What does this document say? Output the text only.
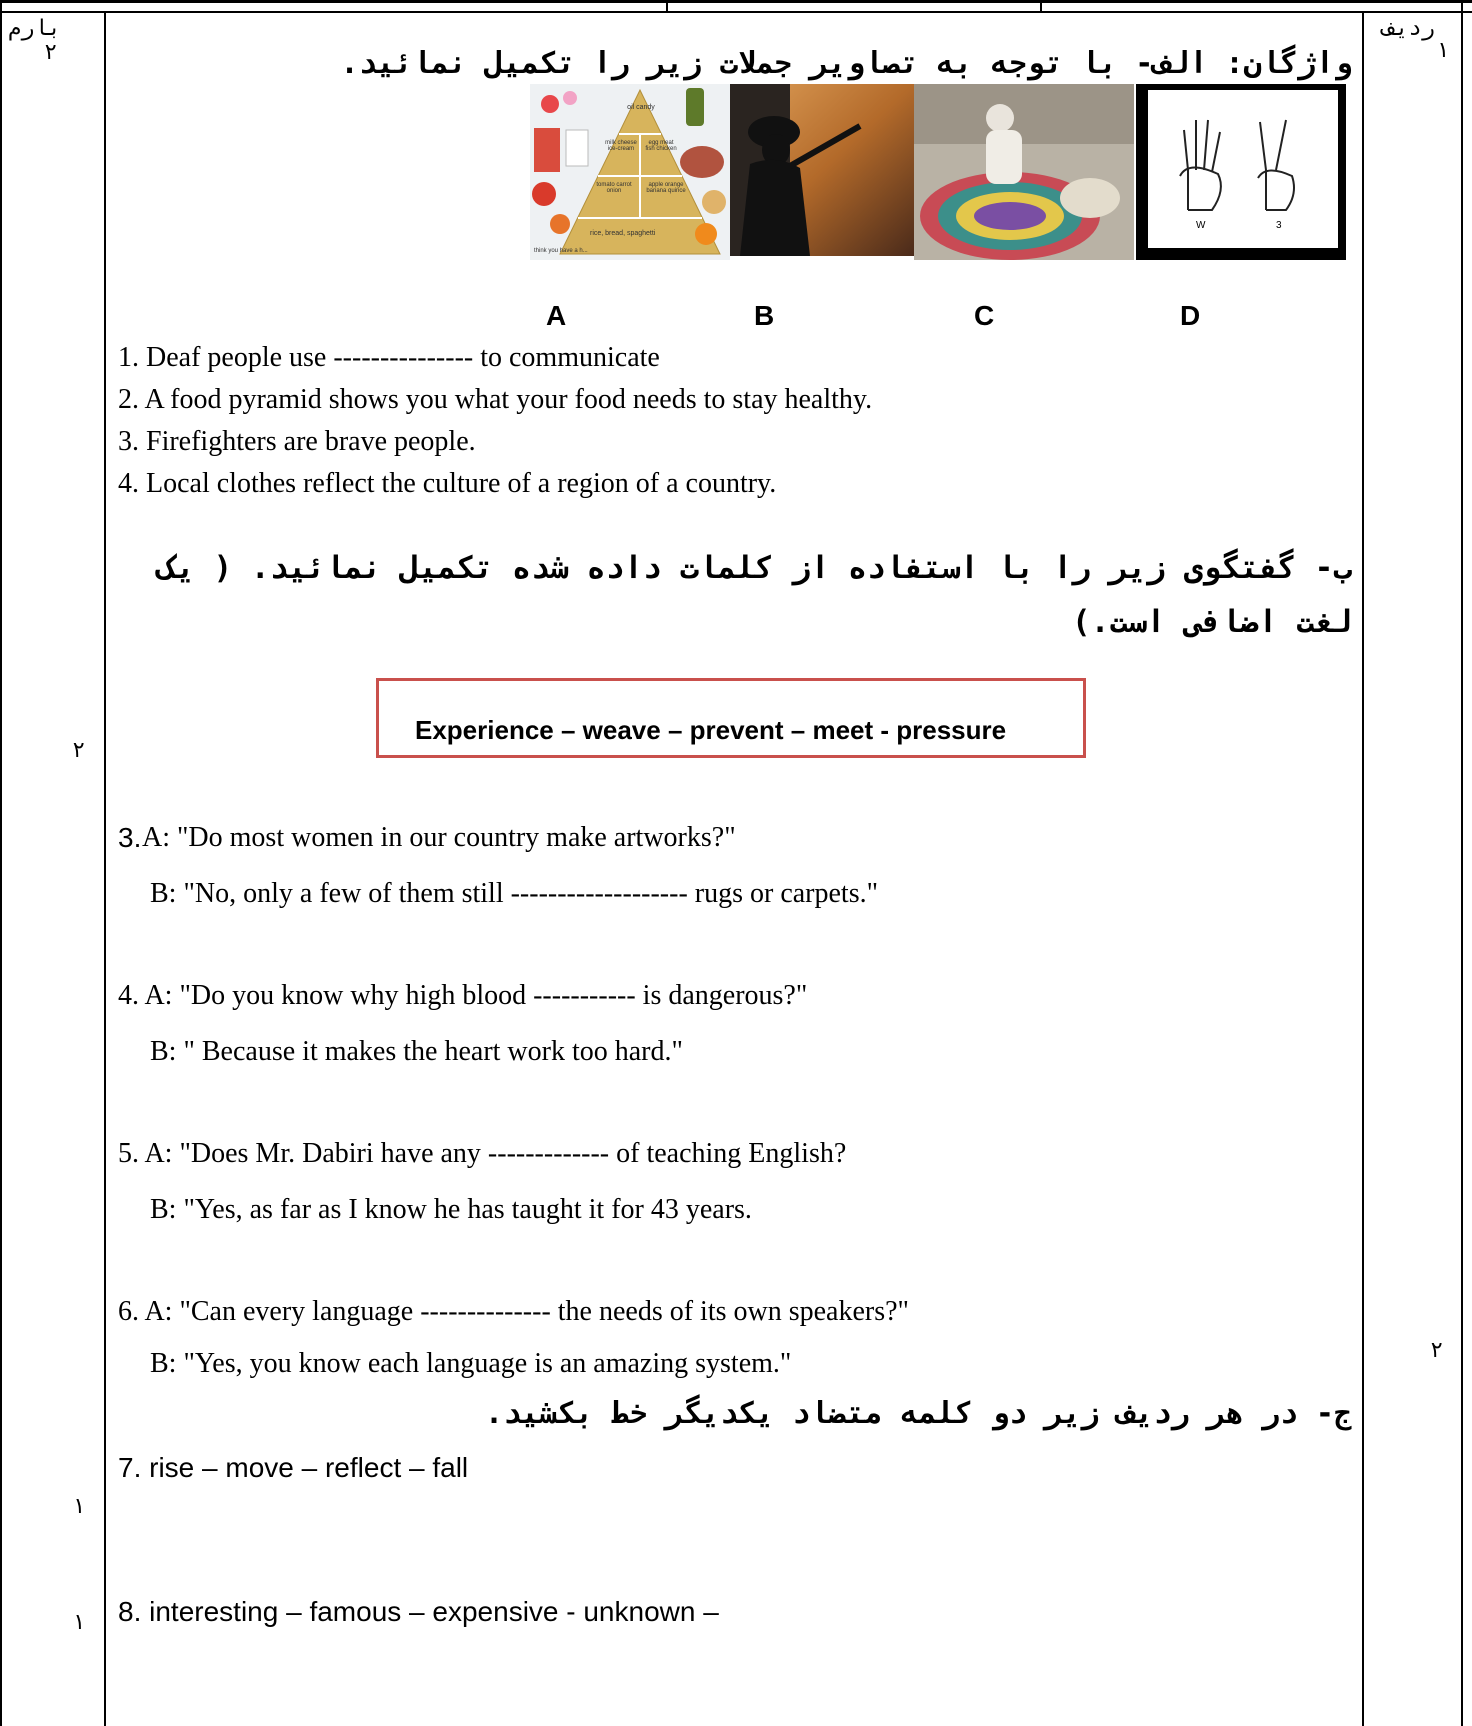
بارم	ردیف
١
٢
٢
٢
١
١
واژگان: الف- با توجه به تصاویر جملات زیر را تکمیل نمائید.
oil candy
milk cheese ice-cream
egg meat fish chicken
tomato carrot onion
apple orange banana quince
rice, bread, spaghetti
think you have a h...
W	3
A	B	C	D
1. Deaf people use --------------- to communicate
2. A food pyramid shows you what your food needs to stay healthy.
3. Firefighters are brave people.
4. Local clothes reflect the culture of a region of a country.
ب- گفتگوی زیر را با استفاده از کلمات داده شده تکمیل نمائید. ( یک
لغت اضافی است.)
Experience – weave – prevent – meet - pressure
3. A: "Do most women in our country make artworks?"
B: "No, only a few of them still ------------------- rugs or carpets."
4. A: "Do you know why high blood ----------- is dangerous?"
B: " Because it makes the heart work too hard."
5. A: "Does Mr. Dabiri have any ------------- of teaching English?
B: "Yes, as far as I know he has taught it for 43 years.
6. A: "Can every language -------------- the needs of its own speakers?"
B: "Yes, you know each language is an amazing system."
ج- در هر ردیف زیر دو کلمه متضاد یکدیگر خط بکشید.
7. rise – move – reflect – fall
8. interesting – famous – expensive - unknown –
